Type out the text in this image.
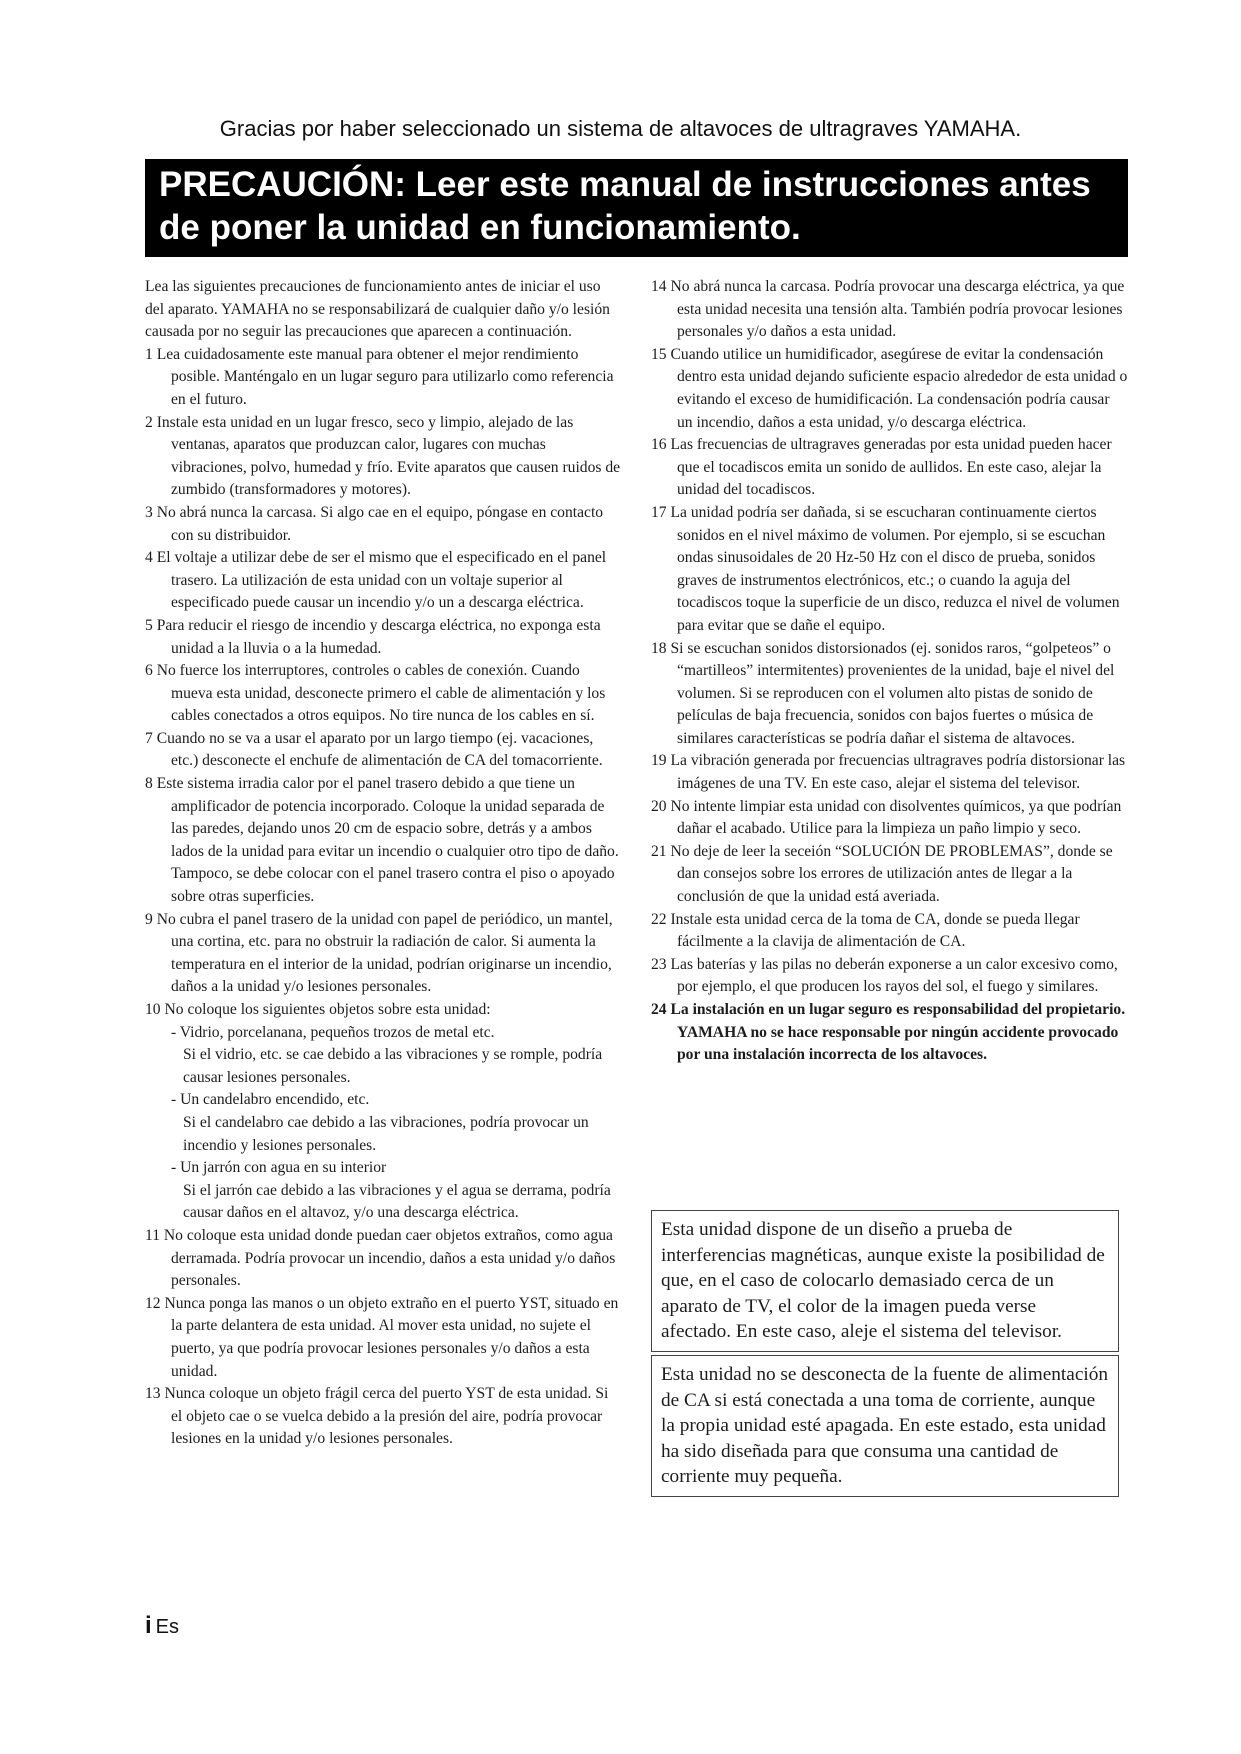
Gracias por haber seleccionado un sistema de altavoces de ultragraves YAMAHA.
PRECAUCIÓN: Leer este manual de instrucciones antes
de poner la unidad en funcionamiento.

Lea las siguientes precauciones de funcionamiento antes de iniciar el uso del aparato. YAMAHA no se responsabilizará de cualquier daño y/o lesión causada por no seguir las precauciones que aparecen a continuación.

1 Lea cuidadosamente este manual para obtener el mejor rendimiento posible. Manténgalo en un lugar seguro para utilizarlo como referencia en el futuro.

2 Instale esta unidad en un lugar fresco, seco y limpio, alejado de las ventanas, aparatos que produzcan calor, lugares con muchas vibraciones, polvo, humedad y frío. Evite aparatos que causen ruidos de zumbido (transformadores y motores).

3 No abrá nunca la carcasa. Si algo cae en el equipo, póngase en contacto con su distribuidor.

4 El voltaje a utilizar debe de ser el mismo que el especificado en el panel trasero. La utilización de esta unidad con un voltaje superior al especificado puede causar un incendio y/o un a descarga eléctrica.

5 Para reducir el riesgo de incendio y descarga eléctrica, no exponga esta unidad a la lluvia o a la humedad.

6 No fuerce los interruptores, controles o cables de conexión. Cuando mueva esta unidad, desconecte primero el cable de alimentación y los cables conectados a otros equipos. No tire nunca de los cables en sí.

7 Cuando no se va a usar el aparato por un largo tiempo (ej. vacaciones, etc.) desconecte el enchufe de alimentación de CA del tomacorriente.

8 Este sistema irradia calor por el panel trasero debido a que tiene un amplificador de potencia incorporado. Coloque la unidad separada de las paredes, dejando unos 20 cm de espacio sobre, detrás y a ambos lados de la unidad para evitar un incendio o cualquier otro tipo de daño. Tampoco, se debe colocar con el panel trasero contra el piso o apoyado sobre otras superficies.

9 No cubra el panel trasero de la unidad con papel de periódico, un mantel, una cortina, etc. para no obstruir la radiación de calor. Si aumenta la temperatura en el interior de la unidad, podrían originarse un incendio, daños a la unidad y/o lesiones personales.

10 No coloque los siguientes objetos sobre esta unidad:

- Vidrio, porcelanana, pequeños trozos de metal etc.
Si el vidrio, etc. se cae debido a las vibraciones y se romple, podría causar lesiones personales.
- Un candelabro encendido, etc.
Si el candelabro cae debido a las vibraciones, podría provocar un incendio y lesiones personales.
- Un jarrón con agua en su interior
Si el jarrón cae debido a las vibraciones y el agua se derrama, podría causar daños en el altavoz, y/o una descarga eléctrica.

11 No coloque esta unidad donde puedan caer objetos extraños, como agua derramada. Podría provocar un incendio, daños a esta unidad y/o daños personales.

12 Nunca ponga las manos o un objeto extraño en el puerto YST, situado en la parte delantera de esta unidad. Al mover esta unidad, no sujete el puerto, ya que podría provocar lesiones personales y/o daños a esta unidad.

13 Nunca coloque un objeto frágil cerca del puerto YST de esta unidad. Si el objeto cae o se vuelca debido a la presión del aire, podría provocar lesiones en la unidad y/o lesiones personales.

14 No abrá nunca la carcasa. Podría provocar una descarga eléctrica, ya que esta unidad necesita una tensión alta. También podría provocar lesiones personales y/o daños a esta unidad.

15 Cuando utilice un humidificador, asegúrese de evitar la condensación dentro esta unidad dejando suficiente espacio alrededor de esta unidad o evitando el exceso de humidificación. La condensación podría causar un incendio, daños a esta unidad, y/o descarga eléctrica.

16 Las frecuencias de ultragraves generadas por esta unidad pueden hacer que el tocadiscos emita un sonido de aullidos. En este caso, alejar la unidad del tocadiscos.

17 La unidad podría ser dañada, si se escucharan continuamente ciertos sonidos en el nivel máximo de volumen. Por ejemplo, si se escuchan ondas sinusoidales de 20 Hz-50 Hz con el disco de prueba, sonidos graves de instrumentos electrónicos, etc.; o cuando la aguja del tocadiscos toque la superficie de un disco, reduzca el nivel de volumen para evitar que se dañe el equipo.

18 Si se escuchan sonidos distorsionados (ej. sonidos raros, “golpeteos” o “martilleos” intermitentes) provenientes de la unidad, baje el nivel del volumen. Si se reproducen con el volumen alto pistas de sonido de películas de baja frecuencia, sonidos con bajos fuertes o música de similares características se podría dañar el sistema de altavoces.

19 La vibración generada por frecuencias ultragraves podría distorsionar las imágenes de una TV. En este caso, alejar el sistema del televisor.

20 No intente limpiar esta unidad con disolventes químicos, ya que podrían dañar el acabado. Utilice para la limpieza un paño limpio y seco.

21 No deje de leer la seceión “SOLUCIÓN DE PROBLEMAS”, donde se dan consejos sobre los errores de utilización antes de llegar a la conclusión de que la unidad está averiada.

22 Instale esta unidad cerca de la toma de CA, donde se pueda llegar fácilmente a la clavija de alimentación de CA.

23 Las baterías y las pilas no deberán exponerse a un calor excesivo como, por ejemplo, el que producen los rayos del sol, el fuego y similares.

24 La instalación en un lugar seguro es responsabilidad del propietario. YAMAHA no se hace responsable por ningún accidente provocado por una instalación incorrecta de los altavoces.

Esta unidad dispone de un diseño a prueba de interferencias magnéticas, aunque existe la posibilidad de que, en el caso de colocarlo demasiado cerca de un aparato de TV, el color de la imagen pueda verse afectado. En este caso, aleje el sistema del televisor.
Esta unidad no se desconecta de la fuente de alimentación de CA si está conectada a una toma de corriente, aunque la propia unidad esté apagada. En este estado, esta unidad ha sido diseñada para que consuma una cantidad de corriente muy pequeña.
i Es
